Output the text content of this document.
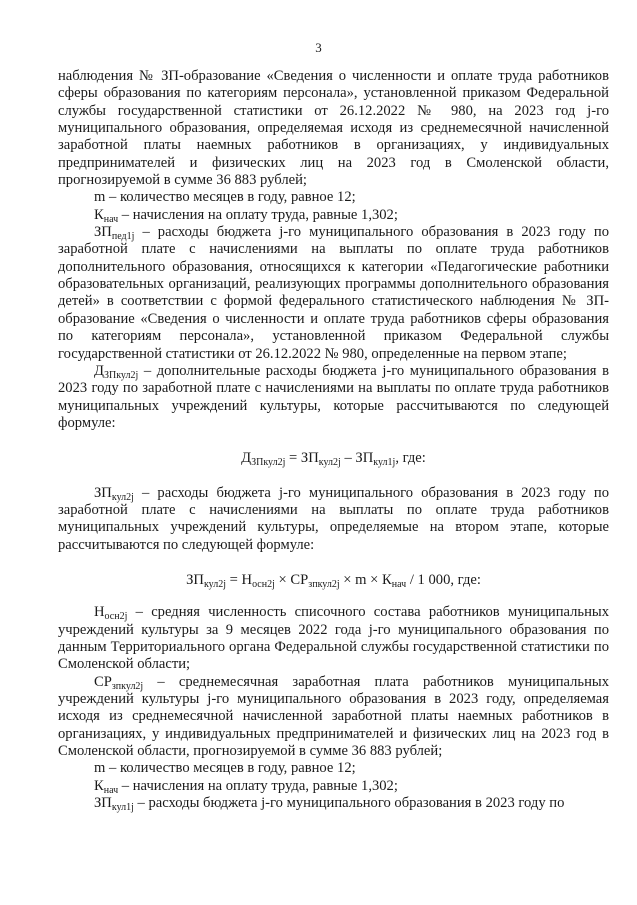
3

наблюдения № ЗП-образование «Сведения о численности и оплате труда работников сферы образования по категориям персонала», установленной приказом Федеральной службы государственной статистики от 26.12.2022 № 980, на 2023 год j-го муниципального образования, определяемая исходя из среднемесячной начисленной заработной платы наемных работников в организациях, у индивидуальных предпринимателей и физических лиц на 2023 год в Смоленской области, прогнозируемой в сумме 36 883 рублей;

m – количество месяцев в году, равное 12;

$К_{нач}$ – начисления на оплату труда, равные 1,302;

$ЗП_{пед1j}$ – расходы бюджета j-го муниципального образования в 2023 году по заработной плате с начислениями на выплаты по оплате труда работников дополнительного образования, относящихся к категории «Педагогические работники образовательных организаций, реализующих программы дополнительного образования детей» в соответствии с формой федерального статистического наблюдения № ЗП-образование «Сведения о численности и оплате труда работников сферы образования по категориям персонала», установленной приказом Федеральной службы государственной статистики от 26.12.2022 № 980, определенные на первом этапе;

$Д_{ЗПкул2j}$ – дополнительные расходы бюджета j-го муниципального образования в 2023 году по заработной плате с начислениями на выплаты по оплате труда работников муниципальных учреждений культуры, которые рассчитываются по следующей формуле:

$Д_{ЗПкул2j} = ЗП_{кул2j} - ЗП_{кул1j}$, где:

$ЗП_{кул2j}$ – расходы бюджета j-го муниципального образования в 2023 году по заработной плате с начислениями на выплаты по оплате труда работников муниципальных учреждений культуры, определяемые на втором этапе, которые рассчитываются по следующей формуле:

$ЗП_{кул2j} = Н_{осн2j} \times СР_{зпкул2j} \times m \times К_{нач} / 1$ 000, где:

$Н_{осн2j}$ – средняя численность списочного состава работников муниципальных учреждений культуры за 9 месяцев 2022 года j-го муниципального образования по данным Территориального органа Федеральной службы государственной статистики по Смоленской области;

$СР_{зпкул2j}$ – среднемесячная заработная плата работников муниципальных учреждений культуры j-го муниципального образования в 2023 году, определяемая исходя из среднемесячной начисленной заработной платы наемных работников в организациях, у индивидуальных предпринимателей и физических лиц на 2023 год в Смоленской области, прогнозируемой в сумме 36 883 рублей;

m – количество месяцев в году, равное 12;

$К_{нач}$ – начисления на оплату труда, равные 1,302;

$ЗП_{кул1j}$ – расходы бюджета j-го муниципального образования в 2023 году по
